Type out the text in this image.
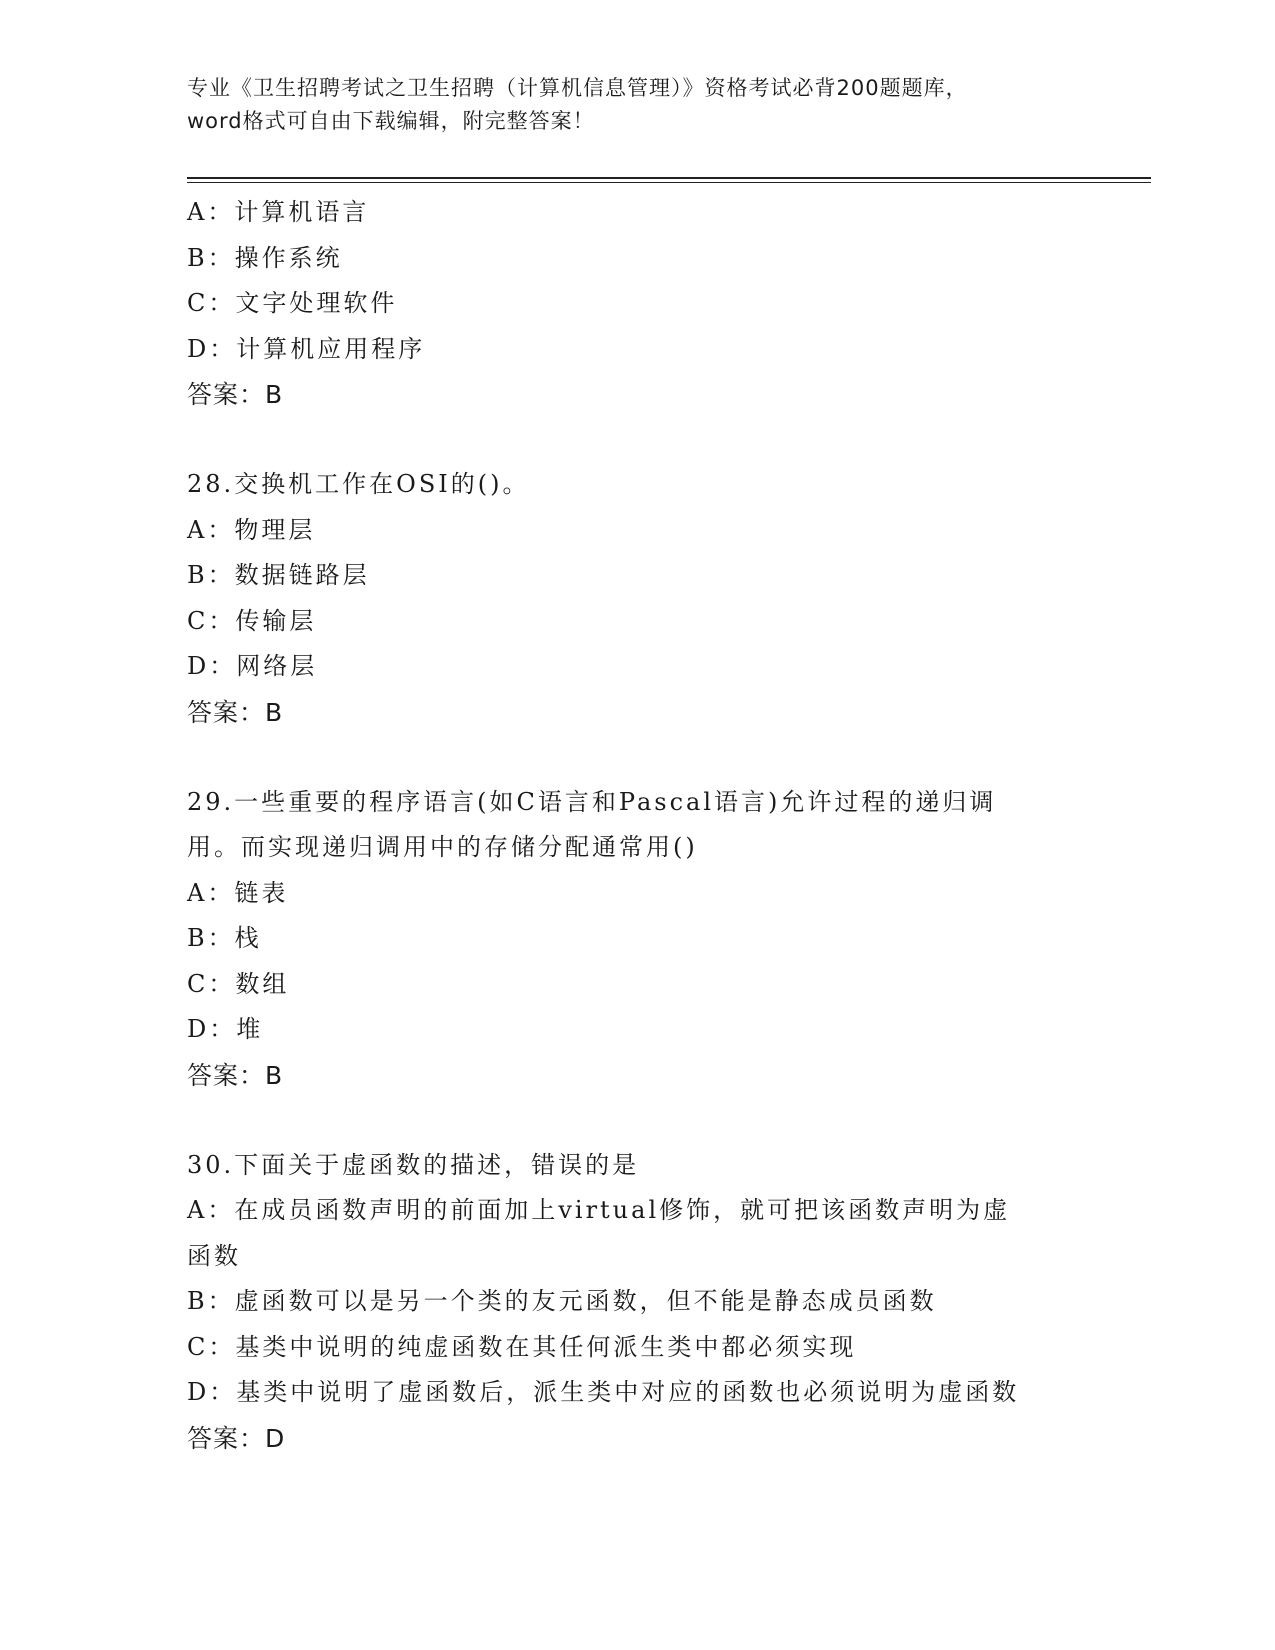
专业《卫生招聘考试之卫生招聘（计算机信息管理）》资格考试必背200题题库，
word格式可自由下载编辑，附完整答案！
A：计算机语言
B：操作系统
C：文字处理软件
D：计算机应用程序
答案：B
28.交换机工作在OSI的()。
A：物理层
B：数据链路层
C：传输层
D：网络层
答案：B
29.一些重要的程序语言(如C语言和Pascal语言)允许过程的递归调
用。而实现递归调用中的存储分配通常用()
A：链表
B：栈
C：数组
D：堆
答案：B
30.下面关于虚函数的描述，错误的是
A：在成员函数声明的前面加上virtual修饰，就可把该函数声明为虚
函数
B：虚函数可以是另一个类的友元函数，但不能是静态成员函数
C：基类中说明的纯虚函数在其任何派生类中都必须实现
D：基类中说明了虚函数后，派生类中对应的函数也必须说明为虚函数
答案：D
